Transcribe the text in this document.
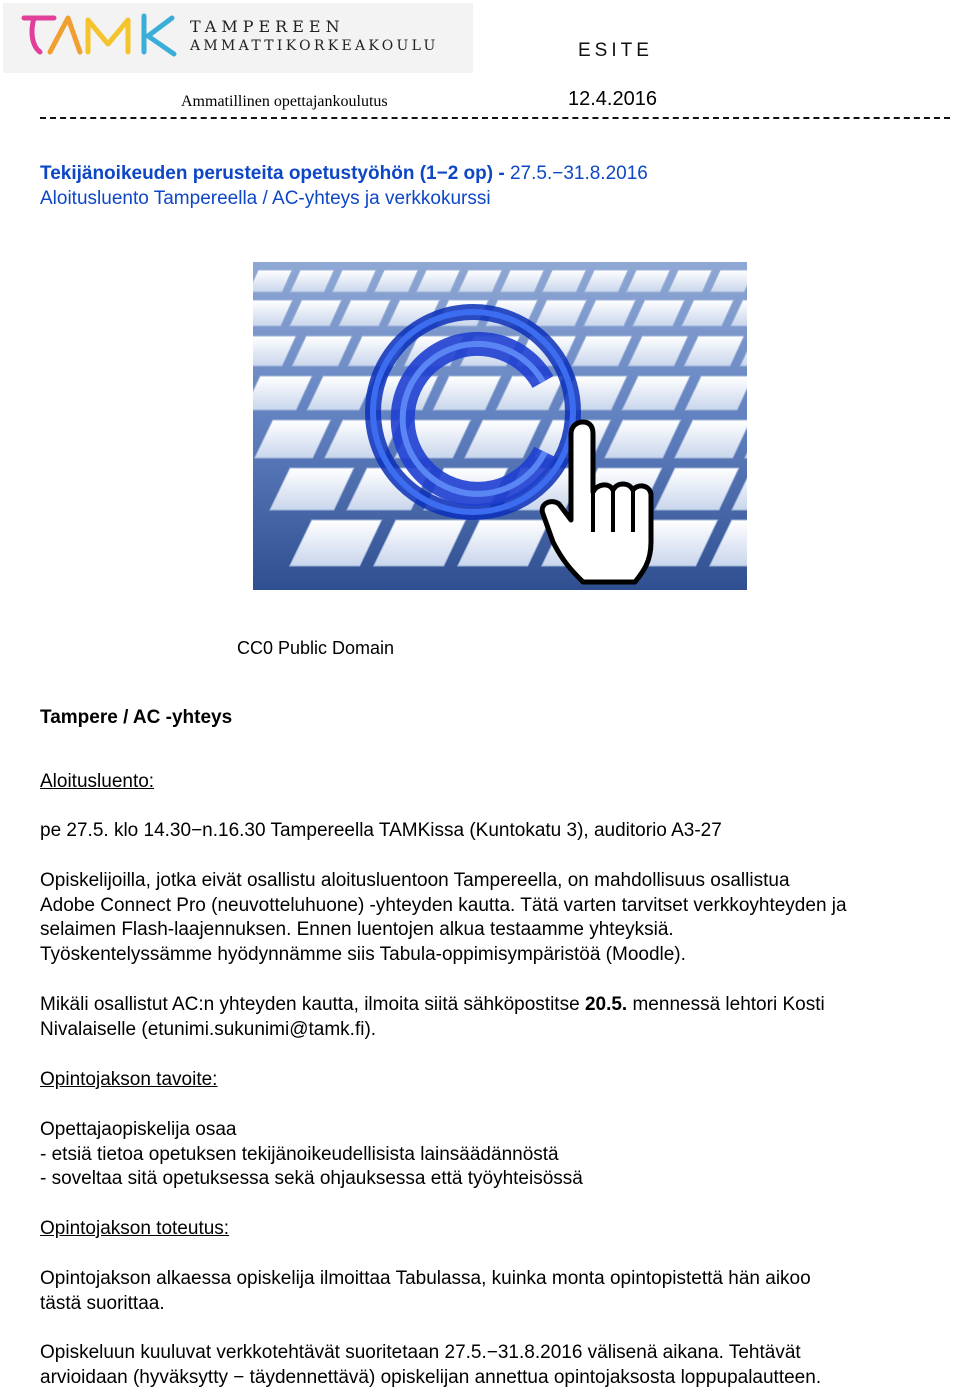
TAMPEREEN
AMMATTIKORKEAKOULU	ESITE
Ammatillinen opettajankoulutus	12.4.2016
Tekijänoikeuden perusteita opetustyöhön (1−2 op) - 27.5.−31.8.2016
Aloitusluento Tampereella / AC-yhteys ja verkkokurssi
CC0 Public Domain
Tampere / AC -yhteys
Aloitusluento:
pe 27.5. klo 14.30−n.16.30 Tampereella TAMKissa (Kuntokatu 3), auditorio A3-27
Opiskelijoilla, jotka eivät osallistu aloitusluentoon Tampereella, on mahdollisuus osallistua
Adobe Connect Pro (neuvotteluhuone) -yhteyden kautta. Tätä varten tarvitset verkkoyhteyden ja
selaimen Flash-laajennuksen. Ennen luentojen alkua testaamme yhteyksiä.
Työskentelyssämme hyödynnämme siis Tabula-oppimisympäristöä (Moodle).
Mikäli osallistut AC:n yhteyden kautta, ilmoita siitä sähköpostitse 20.5. mennessä lehtori Kosti
Nivalaiselle (etunimi.sukunimi@tamk.fi).
Opintojakson tavoite:
Opettajaopiskelija osaa
- etsiä tietoa opetuksen tekijänoikeudellisista lainsäädännöstä
- soveltaa sitä opetuksessa sekä ohjauksessa että työyhteisössä
Opintojakson toteutus:
Opintojakson alkaessa opiskelija ilmoittaa Tabulassa, kuinka monta opintopistettä hän aikoo
tästä suorittaa.
Opiskeluun kuuluvat verkkotehtävät suoritetaan 27.5.−31.8.2016 välisenä aikana. Tehtävät
arvioidaan (hyväksytty − täydennettävä) opiskelijan annettua opintojaksosta loppupalautteen.
